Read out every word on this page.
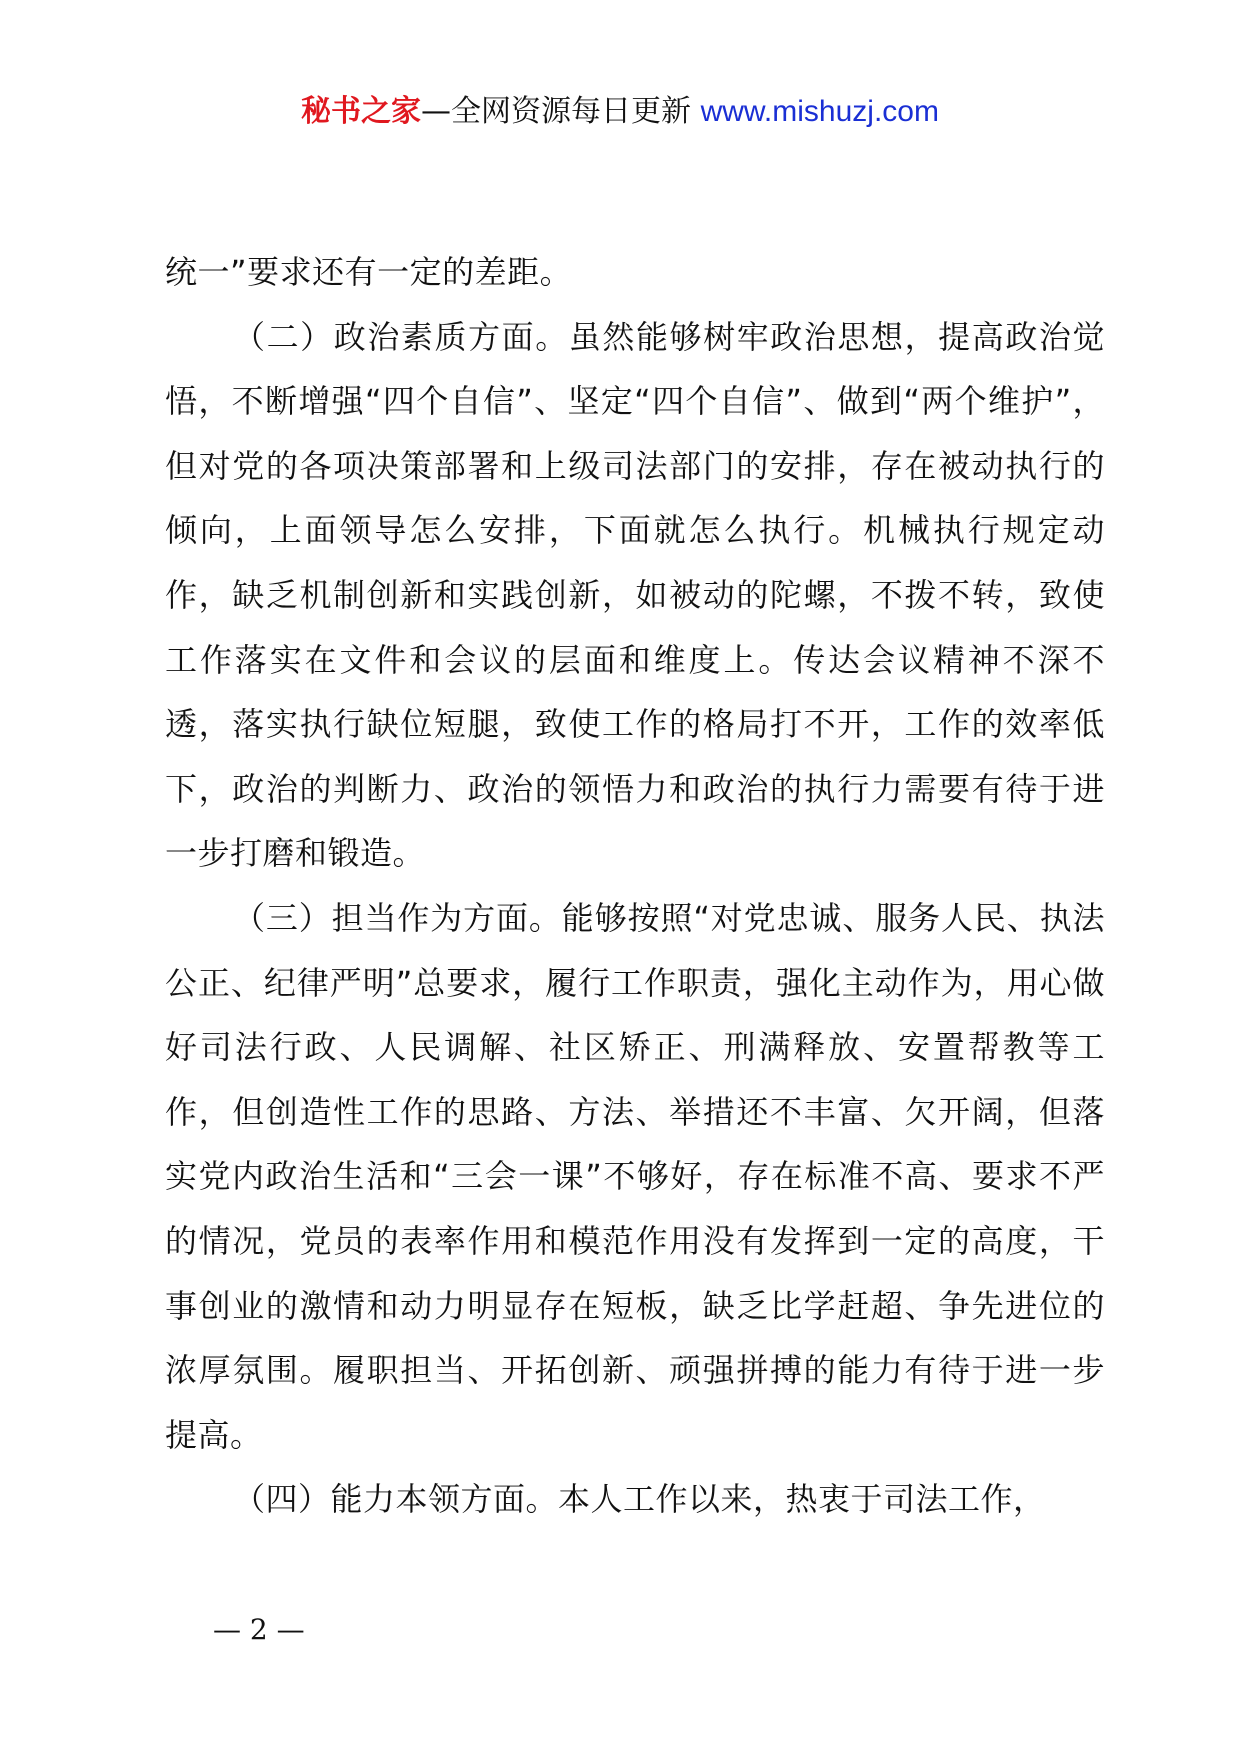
秘书之家—全网资源每日更新 www.mishuzj.com

统一”要求还有一定的差距。

（二）政治素质方面。虽然能够树牢政治思想，提高政治觉悟，不断增强“四个自信”、坚定“四个自信”、做到“两个维护”，但对党的各项决策部署和上级司法部门的安排，存在被动执行的倾向，上面领导怎么安排，下面就怎么执行。机械执行规定动作，缺乏机制创新和实践创新，如被动的陀螺，不拨不转，致使工作落实在文件和会议的层面和维度上。传达会议精神不深不透，落实执行缺位短腿，致使工作的格局打不开，工作的效率低下，政治的判断力、政治的领悟力和政治的执行力需要有待于进一步打磨和锻造。

（三）担当作为方面。能够按照“对党忠诚、服务人民、执法公正、纪律严明”总要求，履行工作职责，强化主动作为，用心做好司法行政、人民调解、社区矫正、刑满释放、安置帮教等工作，但创造性工作的思路、方法、举措还不丰富、欠开阔，但落实党内政治生活和“三会一课”不够好，存在标准不高、要求不严的情况，党员的表率作用和模范作用没有发挥到一定的高度，干事创业的激情和动力明显存在短板，缺乏比学赶超、争先进位的浓厚氛围。履职担当、开拓创新、顽强拼搏的能力有待于进一步提高。

（四）能力本领方面。本人工作以来，热衷于司法工作，

— 2 —
